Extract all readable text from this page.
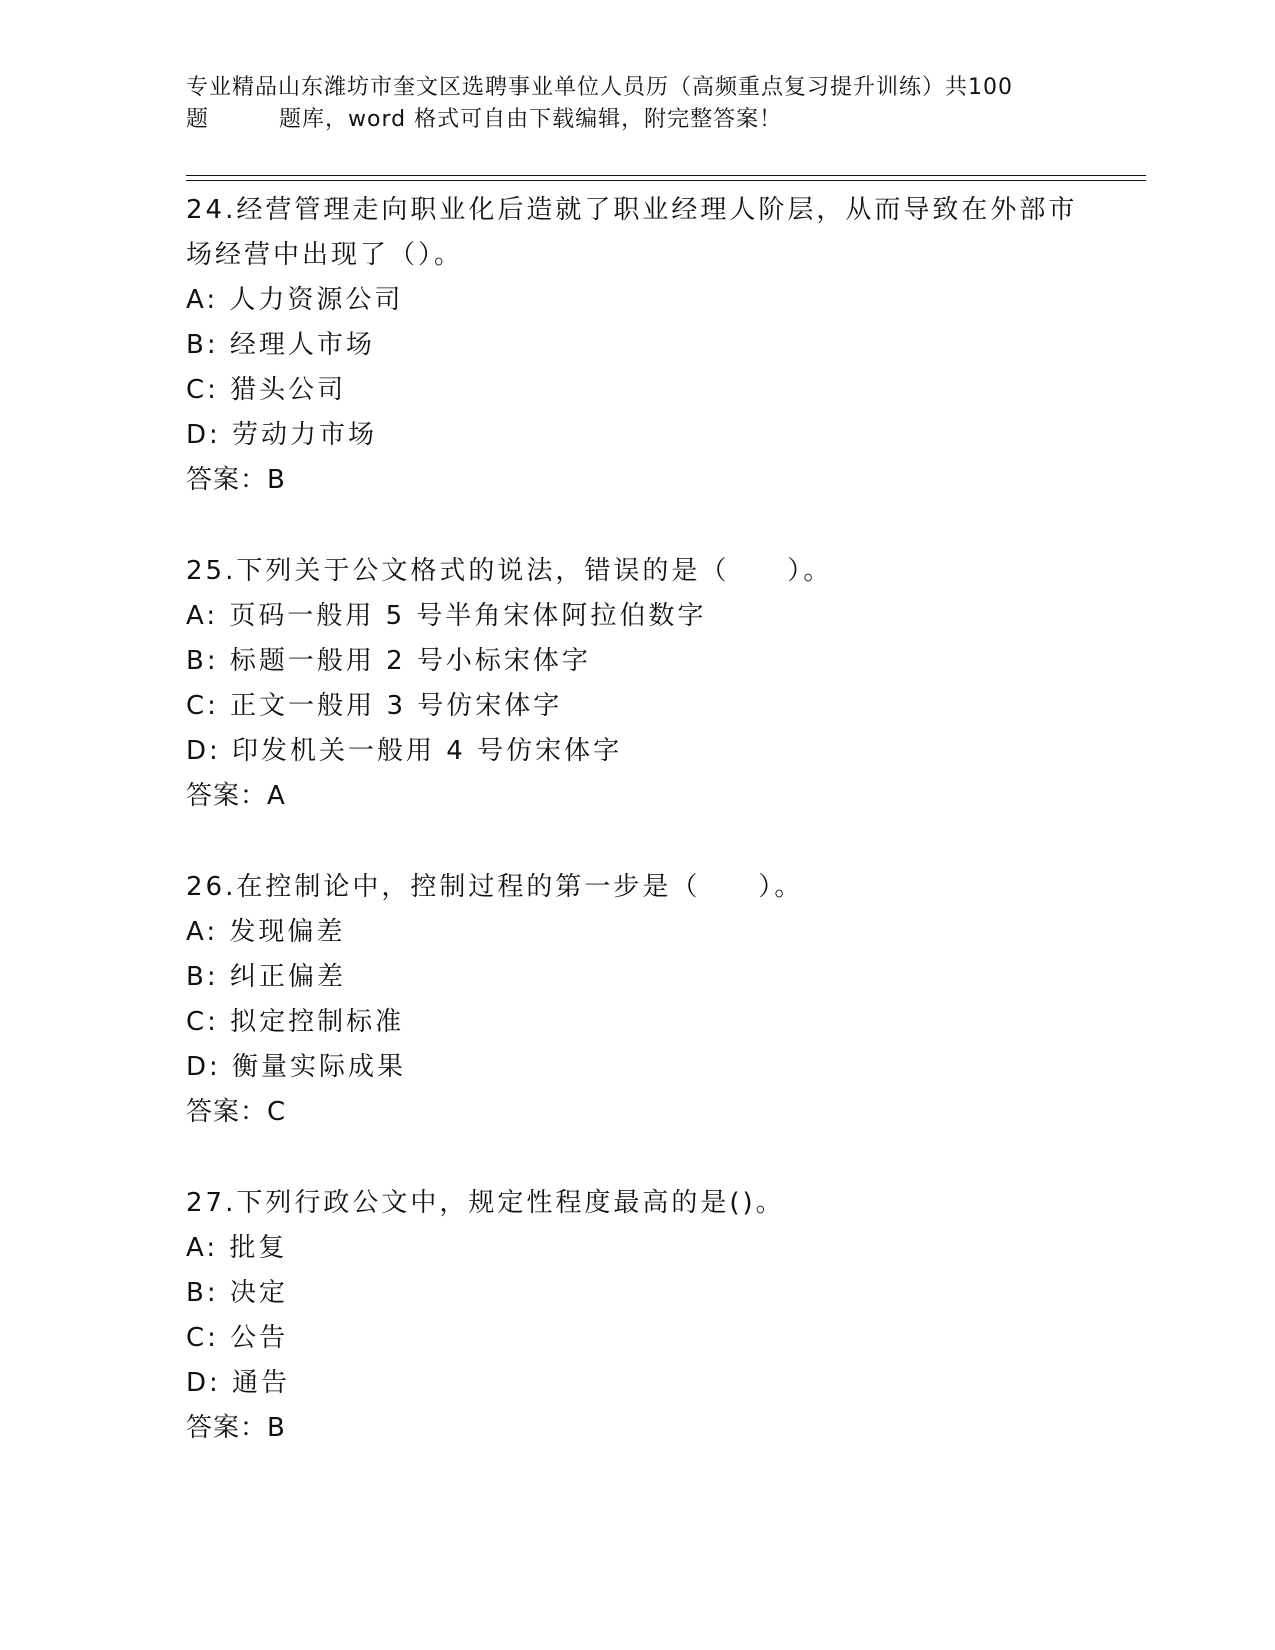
专业精品山东潍坊市奎文区选聘事业单位人员历（高频重点复习提升训练）共100
题	题库，word 格式可自由下载编辑，附完整答案！
24.经营管理走向职业化后造就了职业经理人阶层，从而导致在外部市场经营中出现了（）。
A: 人力资源公司
B: 经理人市场
C: 猎头公司
D: 劳动力市场
答案：B
25.下列关于公文格式的说法，错误的是（　　）。
A: 页码一般用 5 号半角宋体阿拉伯数字
B: 标题一般用 2 号小标宋体字
C: 正文一般用 3 号仿宋体字
D: 印发机关一般用 4 号仿宋体字
答案：A
26.在控制论中，控制过程的第一步是（　　）。
A: 发现偏差
B: 纠正偏差
C: 拟定控制标准
D: 衡量实际成果
答案：C
27.下列行政公文中，规定性程度最高的是()。
A: 批复
B: 决定
C: 公告
D: 通告
答案：B
